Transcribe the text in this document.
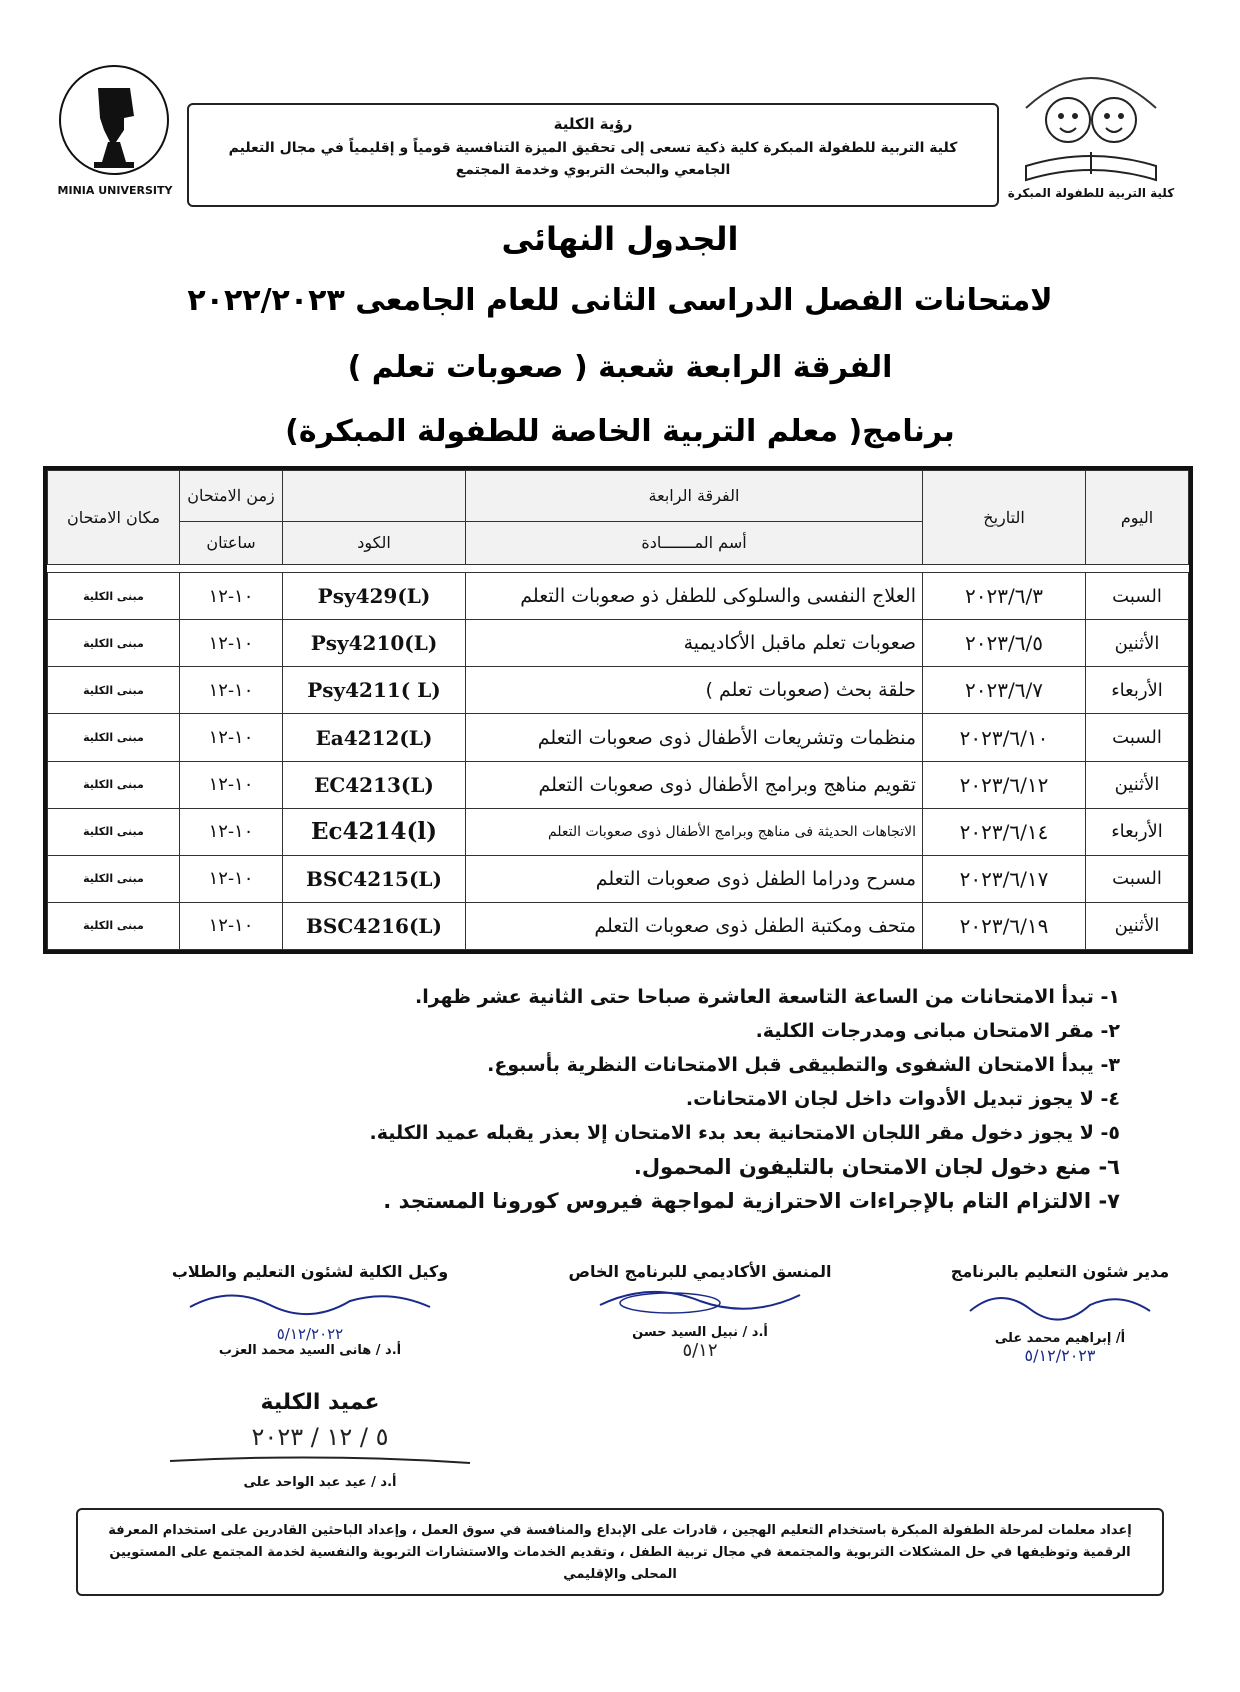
MINIA UNIVERSITY	كلية التربية للطفولة المبكرة
رؤية الكلية
كلية التربية للطفولة المبكرة كلية ذكية تسعى إلى تحقيق الميزة التنافسية قومياً و إقليمياً في مجال التعليم الجامعي والبحث التربوي وخدمة المجتمع
الجدول النهائى
لامتحانات الفصل الدراسى الثانى للعام الجامعى ٢٠٢٢/٢٠٢٣
الفرقة الرابعة شعبة ( صعوبات تعلم )
برنامج( معلم التربية الخاصة للطفولة المبكرة)
اليوم	التاريخ	الفرقة الرابعة		زمن الامتحان	مكان الامتحان
		أسم المـــــــادة	الكود	ساعتان	

السبت	٢٠٢٣/٦/٣	العلاج النفسى والسلوكى للطفل ذو صعوبات التعلم	Psy429(L)	١٠-١٢	مبنى الكلية
الأثنين	٢٠٢٣/٦/٥	صعوبات تعلم ماقبل الأكاديمية	Psy4210(L)	١٠-١٢	مبنى الكلية
الأربعاء	٢٠٢٣/٦/٧	حلقة بحث (صعوبات تعلم )	Psy4211( L)	١٠-١٢	مبنى الكلية
السبت	٢٠٢٣/٦/١٠	منظمات وتشريعات الأطفال ذوى صعوبات التعلم	Ea4212(L)	١٠-١٢	مبنى الكلية
الأثنين	٢٠٢٣/٦/١٢	تقويم مناهج وبرامج الأطفال ذوى صعوبات التعلم	EC4213(L)	١٠-١٢	مبنى الكلية
الأربعاء	٢٠٢٣/٦/١٤	الاتجاهات الحديثة فى مناهج وبرامج الأطفال ذوى صعوبات التعلم	Ec4214(l)	١٠-١٢	مبنى الكلية
السبت	٢٠٢٣/٦/١٧	مسرح ودراما الطفل ذوى صعوبات التعلم	BSC4215(L)	١٠-١٢	مبنى الكلية
الأثنين	٢٠٢٣/٦/١٩	متحف ومكتبة الطفل ذوى صعوبات التعلم	BSC4216(L)	١٠-١٢	مبنى الكلية
١- تبدأ الامتحانات من الساعة التاسعة العاشرة صباحا حتى الثانية عشر ظهرا.
٢- مقر الامتحان مبانى ومدرجات الكلية.
٣- يبدأ الامتحان الشفوى والتطبيقى قبل الامتحانات النظرية بأسبوع.
٤- لا يجوز تبديل الأدوات داخل لجان الامتحانات.
٥- لا يجوز دخول مقر اللجان الامتحانية بعد بدء الامتحان إلا بعذر يقبله عميد الكلية.
٦- منع دخول لجان الامتحان بالتليفون المحمول.
٧- الالتزام التام بالإجراءات الاحترازية لمواجهة فيروس كورونا المستجد .
مدير شئون التعليم بالبرنامج
أ/ إبراهيم محمد على
٥/١٢/٢٠٢٣
المنسق الأكاديمي للبرنامج الخاص
أ.د / نبيل السيد حسن
٥/١٢
وكيل الكلية لشئون التعليم والطلاب
٥/١٢/٢٠٢٢
أ.د / هانى السيد محمد العزب
عميد الكلية
٥ / ١٢ / ٢٠٢٣
أ.د / عيد عبد الواحد على
إعداد معلمات لمرحلة الطفولة المبكرة باستخدام التعليم الهجين ، قادرات على الإبداع والمنافسة في سوق العمل ، وإعداد الباحثين القادرين على استخدام المعرفة الرقمية وتوظيفها في حل المشكلات التربوية والمجتمعة في مجال تربية الطفل ، وتقديم الخدمات والاستشارات التربوية والنفسية لخدمة المجتمع على المستويين المحلى والإقليمي
